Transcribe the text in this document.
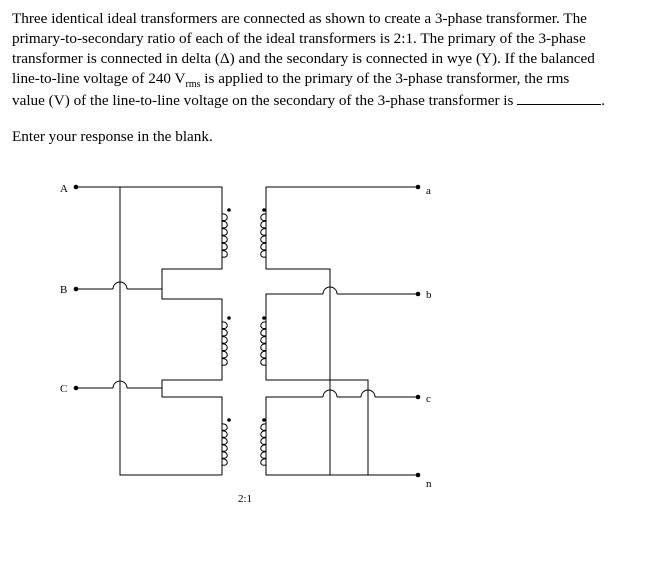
Three identical ideal transformers are connected as shown to create a 3-phase transformer. The
primary-to-secondary ratio of each of the ideal transformers is 2:1. The primary of the 3-phase
transformer is connected in delta (Δ) and the secondary is connected in wye (Y). If the balanced
line-to-line voltage of 240 $V_{rms}$ is applied to the primary of the 3-phase transformer, the rms
value (V) of the line-to-line voltage on the secondary of the 3-phase transformer is	.
Enter your response in the blank.
A
B
C
a
b
c
n
2:1
